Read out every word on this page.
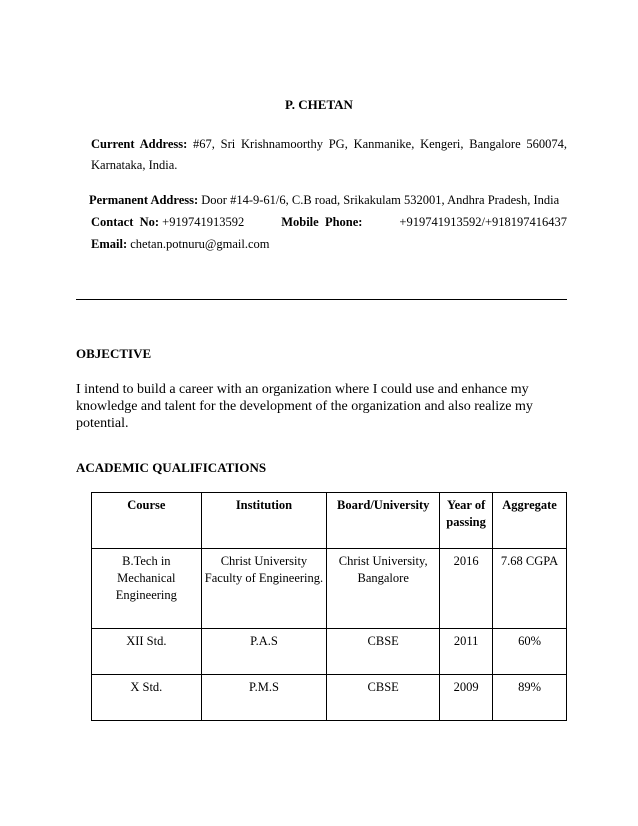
P. CHETAN
Current Address: #67, Sri Krishnamoorthy PG, Kanmanike, Kengeri, Bangalore 560074,
Karnataka, India.
Permanent Address: Door #14-9-61/6, C.B road, Srikakulam 532001, Andhra Pradesh, India
Contact  No: +919741913592	Mobile  Phone:	+919741913592/+918197416437
Email: chetan.potnuru@gmail.com
OBJECTIVE
I intend to build a career with an organization where I could use and enhance my knowledge and talent for the development of the organization and also realize my potential.
ACADEMIC QUALIFICATIONS
Course	Institution	Board/University	Year of passing	Aggregate
B.Tech in Mechanical Engineering	Christ University Faculty of Engineering.	Christ University, Bangalore	2016	7.68 CGPA
XII Std.	P.A.S	CBSE	2011	60%
X Std.	P.M.S	CBSE	2009	89%
